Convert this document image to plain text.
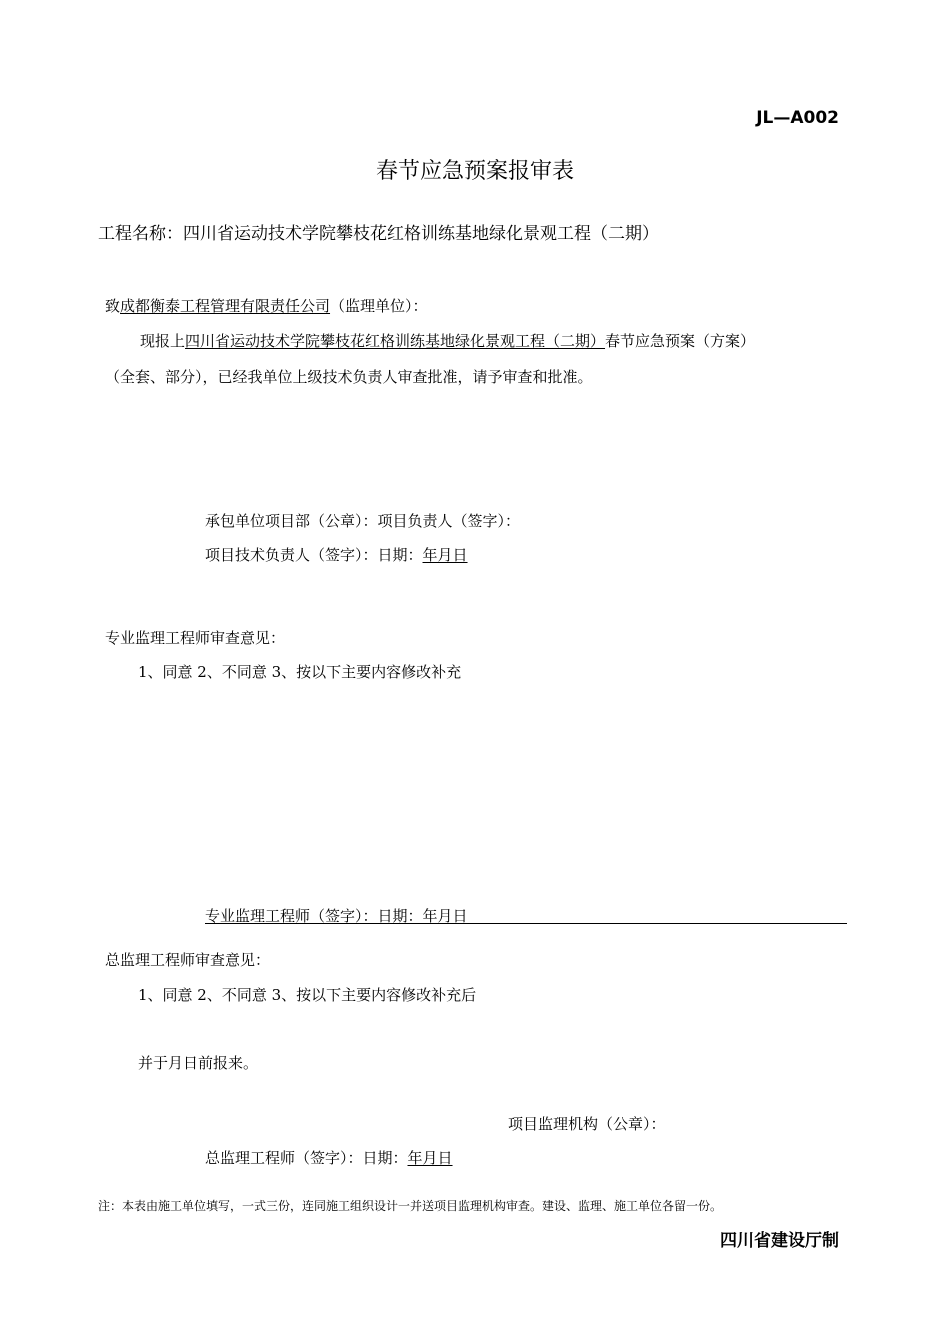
JL—A002
春节应急预案报审表
工程名称：四川省运动技术学院攀枝花红格训练基地绿化景观工程（二期）
致成都衡泰工程管理有限责任公司（监理单位）：
现报上四川省运动技术学院攀枝花红格训练基地绿化景观工程（二期）春节应急预案（方案）
（全套、部分），已经我单位上级技术负责人审查批准，请予审查和批准。
承包单位项目部（公章）：项目负责人（签字）：
项目技术负责人（签字）：日期：年月日
专业监理工程师审查意见：
1、同意 2、不同意 3、按以下主要内容修改补充
专业监理工程师（签字）：日期：年月日
总监理工程师审查意见：
1、同意 2、不同意 3、按以下主要内容修改补充后
并于月日前报来。
项目监理机构（公章）：
总监理工程师（签字）：日期：年月日
注：本表由施工单位填写，一式三份，连同施工组织设计一并送项目监理机构审查。建设、监理、施工单位各留一份。
四川省建设厅制
